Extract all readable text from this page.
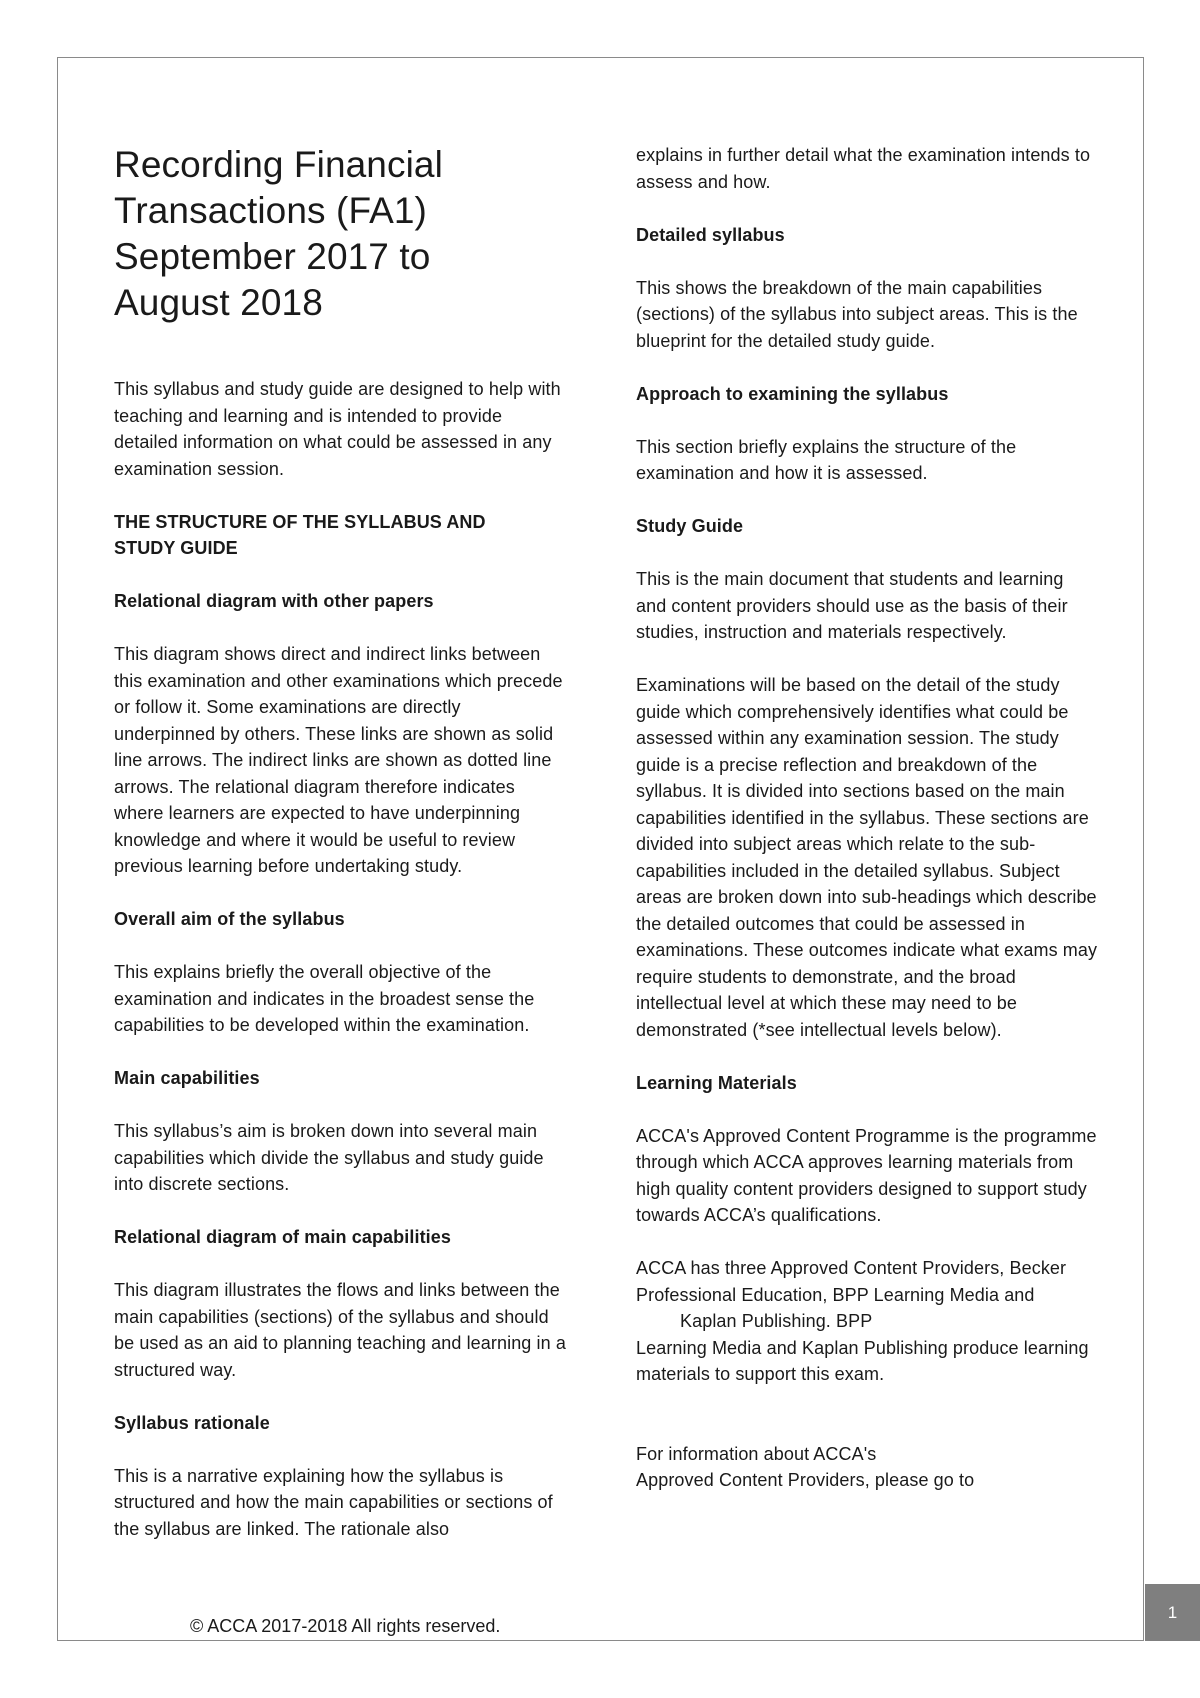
Recording Financial
Transactions (FA1)
September 2017 to
August 2018

This syllabus and study guide are designed to help with teaching and learning and is intended to provide detailed information on what could be assessed in any examination session.

THE STRUCTURE OF THE SYLLABUS AND
STUDY GUIDE
Relational diagram with other papers

This diagram shows direct and indirect links between this examination and other examinations which precede or follow it. Some examinations are directly underpinned by others. These links are shown as solid line arrows. The indirect links are shown as dotted line arrows. The relational diagram therefore indicates where learners are expected to have underpinning knowledge and where it would be useful to review previous learning before undertaking study.

Overall aim of the syllabus

This explains briefly the overall objective of the examination and indicates in the broadest sense the capabilities to be developed within the examination.

Main capabilities

This syllabus’s aim is broken down into several main capabilities which divide the syllabus and study guide into discrete sections.

Relational diagram of main capabilities

This diagram illustrates the flows and links between the main capabilities (sections) of the syllabus and should be used as an aid to planning teaching and learning in a structured way.

Syllabus rationale

This is a narrative explaining how the syllabus is structured and how the main capabilities or sections of the syllabus are linked. The rationale also

explains in further detail what the examination intends to assess and how.

Detailed syllabus

This shows the breakdown of the main capabilities (sections) of the syllabus into subject areas. This is the blueprint for the detailed study guide.

Approach to examining the syllabus

This section briefly explains the structure of the examination and how it is assessed.

Study Guide

This is the main document that students and learning and content providers should use as the basis of their studies, instruction and materials respectively.

Examinations will be based on the detail of the study guide which comprehensively identifies what could be assessed within any examination session. The study guide is a precise reflection and breakdown of the syllabus. It is divided into sections based on the main capabilities identified in the syllabus. These sections are divided into subject areas which relate to the sub-capabilities included in the detailed syllabus. Subject areas are broken down into sub-headings which describe the detailed outcomes that could be assessed in examinations. These outcomes indicate what exams may require students to demonstrate, and the broad intellectual level at which these may need to be demonstrated (*see intellectual levels below).

Learning Materials

ACCA's Approved Content Programme is the programme through which ACCA approves learning materials from high quality content providers designed to support study towards ACCA’s qualifications.

ACCA has three Approved Content Providers, Becker Professional Education, BPP Learning Media and
Kaplan Publishing. BPP
Learning Media and Kaplan Publishing produce learning materials to support this exam.

For information about ACCA's
Approved Content Providers, please go to
© ACCA 2017-2018 All rights reserved.
1
